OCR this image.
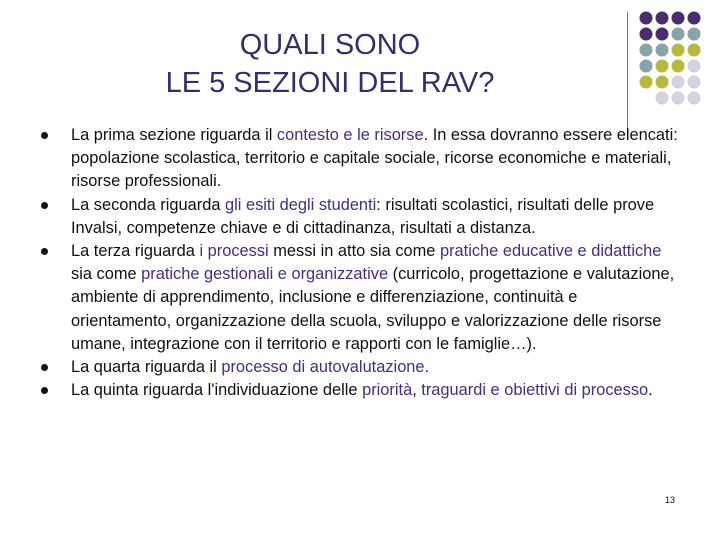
QUALI SONO
LE 5 SEZIONI DEL RAV?
La prima sezione riguarda il contesto e le risorse. In essa dovranno essere elencati: popolazione scolastica, territorio e capitale sociale, ricorse economiche e materiali, risorse professionali.
La seconda riguarda gli esiti degli studenti: risultati scolastici, risultati delle prove Invalsi, competenze chiave e di cittadinanza, risultati a distanza.
La terza riguarda i processi messi in atto sia come pratiche educative e didattiche sia come pratiche gestionali e organizzative (curricolo, progettazione e valutazione, ambiente di apprendimento, inclusione e differenziazione, continuità e orientamento, organizzazione della scuola, sviluppo e valorizzazione delle risorse umane, integrazione con il territorio e rapporti con le famiglie…).
La quarta riguarda il processo di autovalutazione.
La quinta riguarda l'individuazione delle priorità, traguardi e obiettivi di processo.
13
